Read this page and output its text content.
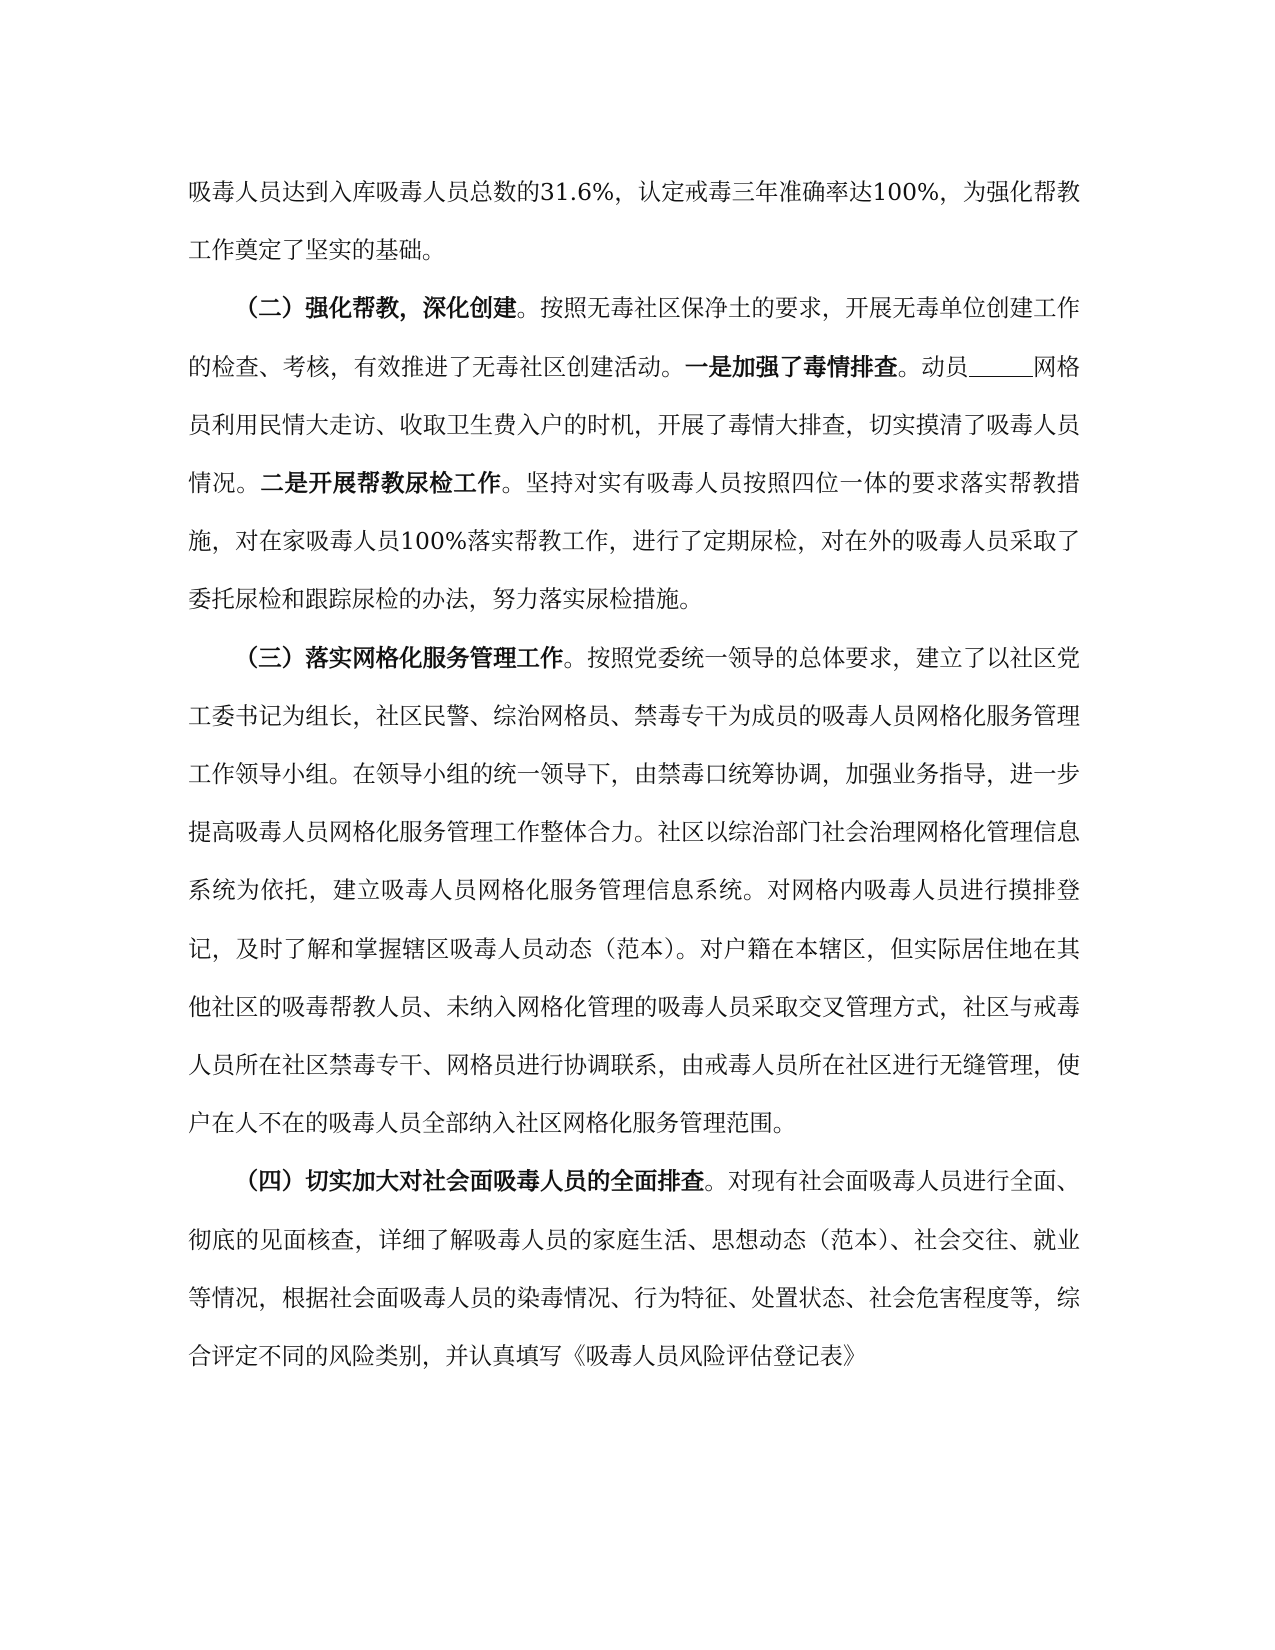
吸毒人员达到入库吸毒人员总数的31.6%，认定戒毒三年准确率达100%，为强化帮教工作奠定了坚实的基础。

（二）强化帮教，深化创建。按照无毒社区保净土的要求，开展无毒单位创建工作的检查、考核，有效推进了无毒社区创建活动。一是加强了毒情排查。动员	网格员利用民情大走访、收取卫生费入户的时机，开展了毒情大排查，切实摸清了吸毒人员情况。二是开展帮教尿检工作。坚持对实有吸毒人员按照四位一体的要求落实帮教措施，对在家吸毒人员100%落实帮教工作，进行了定期尿检，对在外的吸毒人员采取了委托尿检和跟踪尿检的办法，努力落实尿检措施。

（三）落实网格化服务管理工作。按照党委统一领导的总体要求，建立了以社区党工委书记为组长，社区民警、综治网格员、禁毒专干为成员的吸毒人员网格化服务管理工作领导小组。在领导小组的统一领导下，由禁毒口统筹协调，加强业务指导，进一步提高吸毒人员网格化服务管理工作整体合力。社区以综治部门社会治理网格化管理信息系统为依托，建立吸毒人员网格化服务管理信息系统。对网格内吸毒人员进行摸排登记，及时了解和掌握辖区吸毒人员动态（范本）。对户籍在本辖区，但实际居住地在其他社区的吸毒帮教人员、未纳入网格化管理的吸毒人员采取交叉管理方式，社区与戒毒人员所在社区禁毒专干、网格员进行协调联系，由戒毒人员所在社区进行无缝管理，使户在人不在的吸毒人员全部纳入社区网格化服务管理范围。

（四）切实加大对社会面吸毒人员的全面排查。对现有社会面吸毒人员进行全面、彻底的见面核查，详细了解吸毒人员的家庭生活、思想动态（范本）、社会交往、就业等情况，根据社会面吸毒人员的染毒情况、行为特征、处置状态、社会危害程度等，综合评定不同的风险类别，并认真填写《吸毒人员风险评估登记表》
